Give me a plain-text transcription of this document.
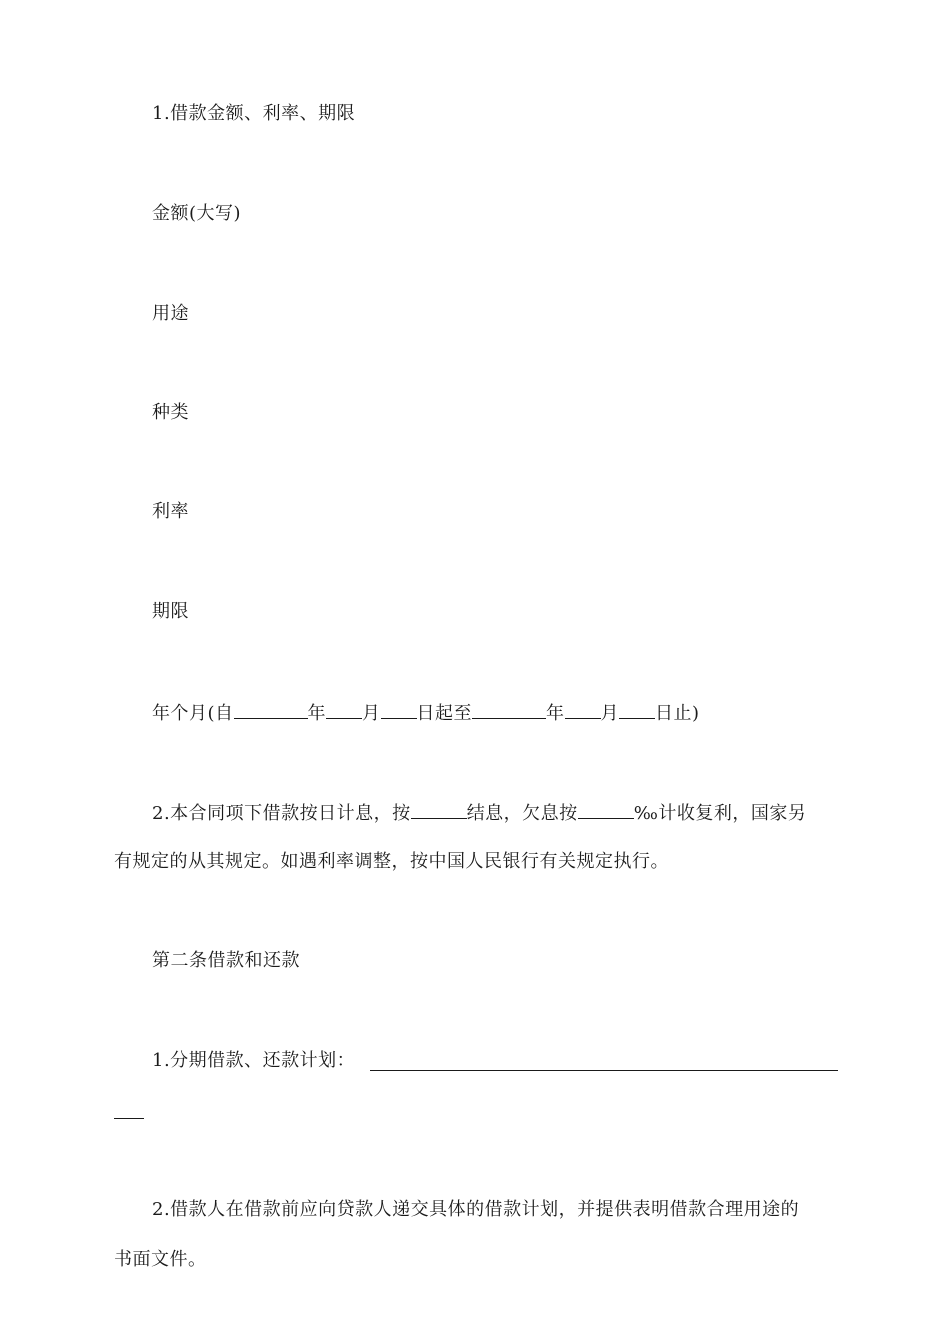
1.借款金额、利率、期限
金额(大写)
用途
种类
利率
期限
年个月(自	年 月 日起至	年 月 日止)
2.本合同项下借款按日计息，按	结息，欠息按	‰计收复利，国家另
有规定的从其规定。如遇利率调整，按中国人民银行有关规定执行。
第二条借款和还款
1.分期借款、还款计划：
2.借款人在借款前应向贷款人递交具体的借款计划，并提供表明借款合理用途的
书面文件。
